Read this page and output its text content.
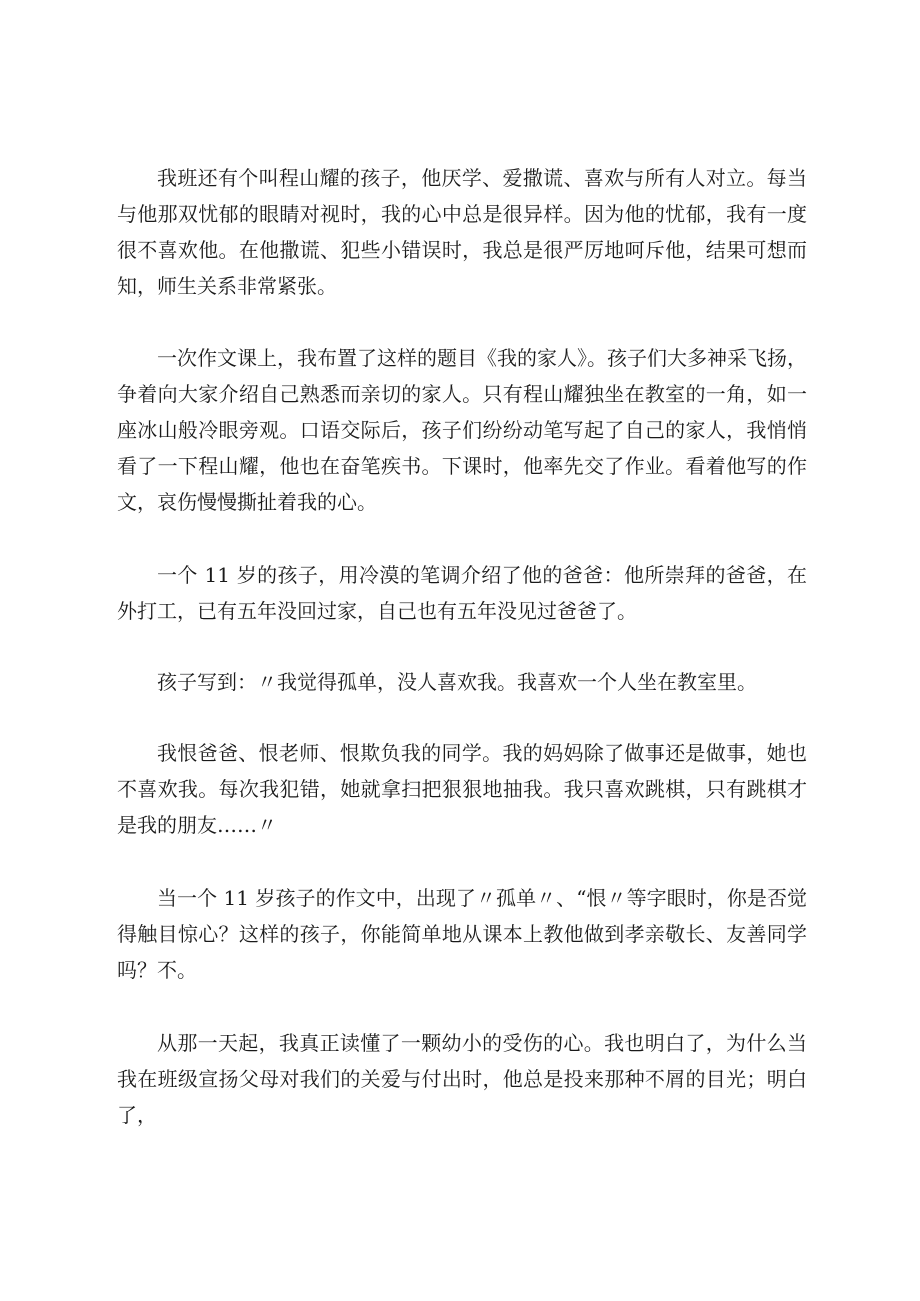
我班还有个叫程山耀的孩子，他厌学、爱撒谎、喜欢与所有人对立。每当与他那双忧郁的眼睛对视时，我的心中总是很异样。因为他的忧郁，我有一度很不喜欢他。在他撒谎、犯些小错误时，我总是很严厉地呵斥他，结果可想而知，师生关系非常紧张。

一次作文课上，我布置了这样的题目《我的家人》。孩子们大多神采飞扬，争着向大家介绍自己熟悉而亲切的家人。只有程山耀独坐在教室的一角，如一座冰山般冷眼旁观。口语交际后，孩子们纷纷动笔写起了自己的家人，我悄悄看了一下程山耀，他也在奋笔疾书。下课时，他率先交了作业。看着他写的作文，哀伤慢慢撕扯着我的心。

一个 11 岁的孩子，用冷漠的笔调介绍了他的爸爸：他所崇拜的爸爸，在外打工，已有五年没回过家，自己也有五年没见过爸爸了。

孩子写到：〃我觉得孤单，没人喜欢我。我喜欢一个人坐在教室里。

我恨爸爸、恨老师、恨欺负我的同学。我的妈妈除了做事还是做事，她也不喜欢我。每次我犯错，她就拿扫把狠狠地抽我。我只喜欢跳棋，只有跳棋才是我的朋友……〃

当一个 11 岁孩子的作文中，出现了〃孤单〃、“恨〃等字眼时，你是否觉得触目惊心？这样的孩子，你能简单地从课本上教他做到孝亲敬长、友善同学吗？不。

从那一天起，我真正读懂了一颗幼小的受伤的心。我也明白了，为什么当我在班级宣扬父母对我们的关爱与付出时，他总是投来那种不屑的目光；明白了，
